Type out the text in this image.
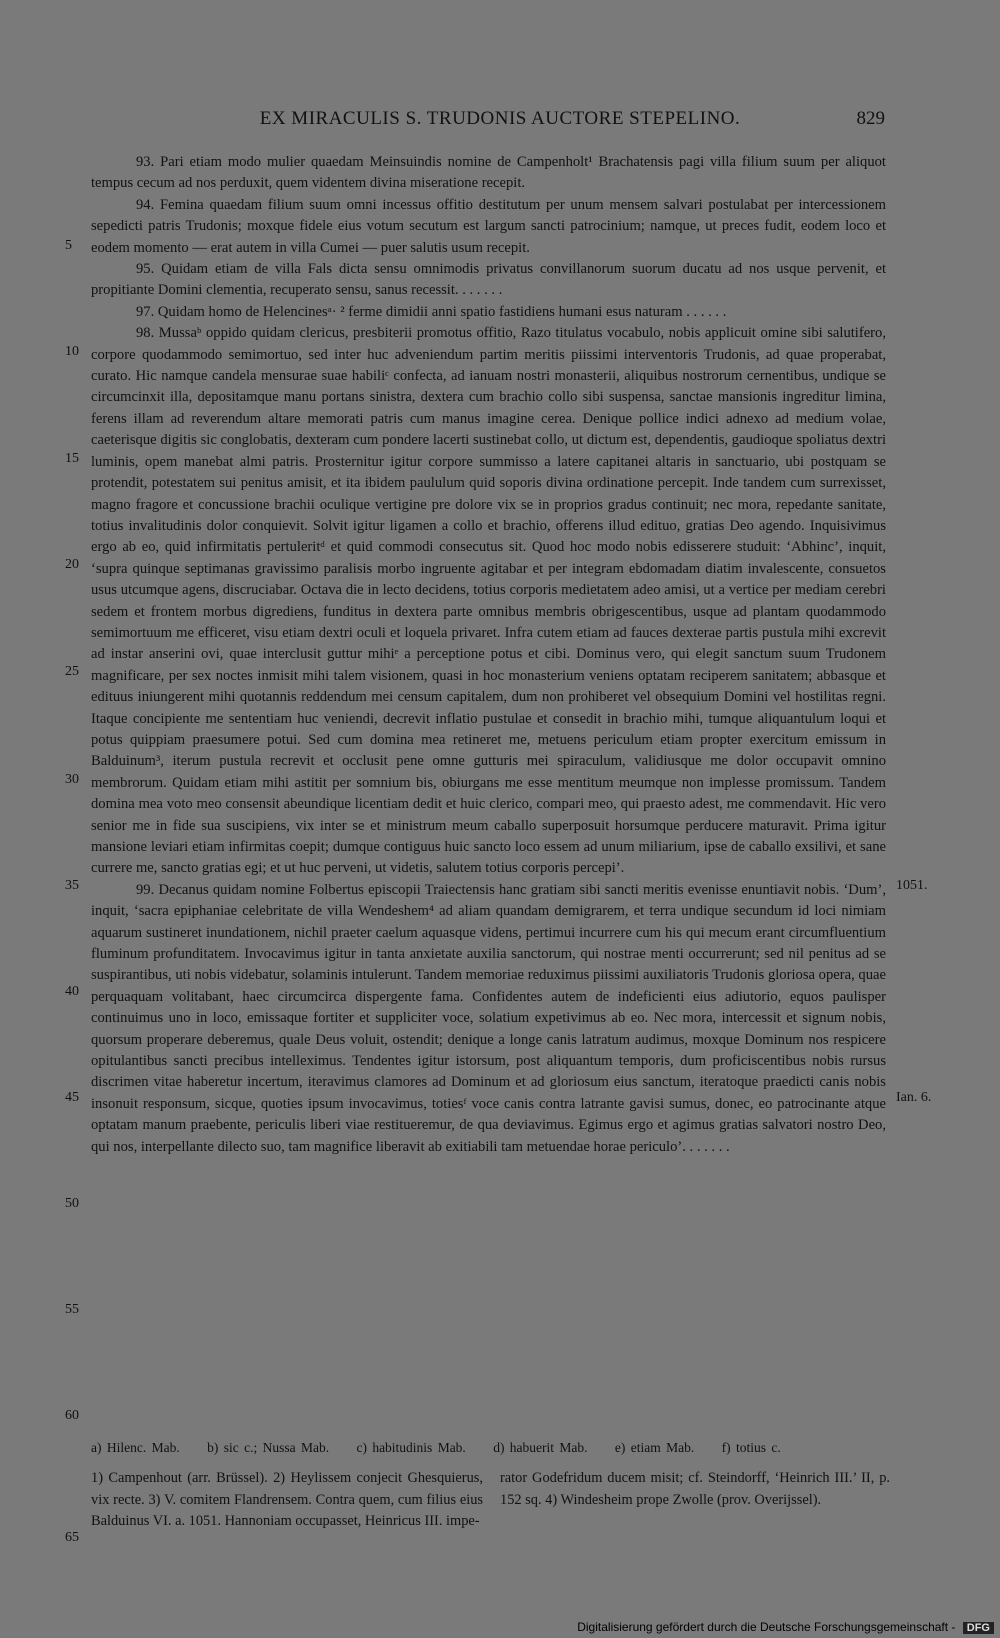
EX MIRACULIS S. TRUDONIS AUCTORE STEPELINO.	829

93. Pari etiam modo mulier quaedam Meinsuindis nomine de Campenholt¹ Brachatensis pagi villa filium suum per aliquot tempus cecum ad nos perduxit, quem videntem divina miseratione recepit.

94. Femina quaedam filium suum omni incessus offitio destitutum per unum mensem salvari postulabat per intercessionem sepedicti patris Trudonis; moxque fidele eius votum secutum est largum sancti patrocinium; namque, ut preces fudit, eodem loco et eodem momento — erat autem in villa Cumei — puer salutis usum recepit.

95. Quidam etiam de villa Fals dicta sensu omnimodis privatus convillanorum suorum ducatu ad nos usque pervenit, et propitiante Domini clementia, recuperato sensu, sanus recessit. . . . . . .

97. Quidam homo de Helencinesᵃ· ² ferme dimidii anni spatio fastidiens humani esus naturam . . . . . .

98. Mussaᵇ oppido quidam clericus, presbiterii promotus offitio, Razo titulatus vocabulo, nobis applicuit omine sibi salutifero, corpore quodammodo semimortuo, sed inter huc adveniendum partim meritis piissimi interventoris Trudonis, ad quae properabat, curato. Hic namque candela mensurae suae habiliᶜ confecta, ad ianuam nostri monasterii, aliquibus nostrorum cernentibus, undique se circumcinxit illa, depositamque manu portans sinistra, dextera cum brachio collo sibi suspensa, sanctae mansionis ingreditur limina, ferens illam ad reverendum altare memorati patris cum manus imagine cerea. Denique pollice indici adnexo ad medium volae, caeterisque digitis sic conglobatis, dexteram cum pondere lacerti sustinebat collo, ut dictum est, dependentis, gaudioque spoliatus dextri luminis, opem manebat almi patris. Prosternitur igitur corpore summisso a latere capitanei altaris in sanctuario, ubi postquam se protendit, potestatem sui penitus amisit, et ita ibidem paululum quid soporis divina ordinatione percepit. Inde tandem cum surrexisset, magno fragore et concussione brachii oculique vertigine pre dolore vix se in proprios gradus continuit; nec mora, repedante sanitate, totius invalitudinis dolor conquievit. Solvit igitur ligamen a collo et brachio, offerens illud edituo, gratias Deo agendo. Inquisivimus ergo ab eo, quid infirmitatis pertuleritᵈ et quid commodi consecutus sit. Quod hoc modo nobis edisserere studuit: ‘Abhinc’, inquit, ‘supra quinque septimanas gravissimo paralisis morbo ingruente agitabar et per integram ebdomadam diatim invalescente, consuetos usus utcumque agens, discruciabar. Octava die in lecto decidens, totius corporis medietatem adeo amisi, ut a vertice per mediam cerebri sedem et frontem morbus digrediens, funditus in dextera parte omnibus membris obrigescentibus, usque ad plantam quodammodo semimortuum me efficeret, visu etiam dextri oculi et loquela privaret. Infra cutem etiam ad fauces dexterae partis pustula mihi excrevit ad instar anserini ovi, quae interclusit guttur mihiᵉ a perceptione potus et cibi. Dominus vero, qui elegit sanctum suum Trudonem magnificare, per sex noctes inmisit mihi talem visionem, quasi in hoc monasterium veniens optatam reciperem sanitatem; abbasque et edituus iniungerent mihi quotannis reddendum mei censum capitalem, dum non prohiberet vel obsequium Domini vel hostilitas regni. Itaque concipiente me sententiam huc veniendi, decrevit inflatio pustulae et consedit in brachio mihi, tumque aliquantulum loqui et potus quippiam praesumere potui. Sed cum domina mea retineret me, metuens periculum etiam propter exercitum emissum in Balduinum³, iterum pustula recrevit et occlusit pene omne gutturis mei spiraculum, validiusque me dolor occupavit omnino membrorum. Quidam etiam mihi astitit per somnium bis, obiurgans me esse mentitum meumque non implesse promissum. Tandem domina mea voto meo consensit abeundique licentiam dedit et huic clerico, compari meo, qui praesto adest, me commendavit. Hic vero senior me in fide sua suscipiens, vix inter se et ministrum meum caballo superposuit horsumque perducere maturavit. Prima igitur mansione leviari etiam infirmitas coepit; dumque contiguus huic sancto loco essem ad unum miliarium, ipse de caballo exsilivi, et sane currere me, sancto gratias egi; et ut huc perveni, ut videtis, salutem totius corporis percepi’.

99. Decanus quidam nomine Folbertus episcopii Traiectensis hanc gratiam sibi sancti meritis evenisse enuntiavit nobis. ‘Dum’, inquit, ‘sacra epiphaniae celebritate de villa Wendeshem⁴ ad aliam quandam demigrarem, et terra undique secundum id loci nimiam aquarum sustineret inundationem, nichil praeter caelum aquasque videns, pertimui incurrere cum his qui mecum erant circumfluentium fluminum profunditatem. Invocavimus igitur in tanta anxietate auxilia sanctorum, qui nostrae menti occurrerunt; sed nil penitus ad se suspirantibus, uti nobis videbatur, solaminis intulerunt. Tandem memoriae reduximus piissimi auxiliatoris Trudonis gloriosa opera, quae perquaquam volitabant, haec circumcirca dispergente fama. Confidentes autem de indeficienti eius adiutorio, equos paulisper continuimus uno in loco, emissaque fortiter et suppliciter voce, solatium expetivimus ab eo. Nec mora, intercessit et signum nobis, quorsum properare deberemus, quale Deus voluit, ostendit; denique a longe canis latratum audimus, moxque Dominum nos respicere opitulantibus sancti precibus intelleximus. Tendentes igitur istorsum, post aliquantum temporis, dum proficiscentibus nobis rursus discrimen vitae haberetur incertum, iteravimus clamores ad Dominum et ad gloriosum eius sanctum, iteratoque praedicti canis nobis insonuit responsum, sicque, quoties ipsum invocavimus, totiesᶠ voce canis contra latrante gavisi sumus, donec, eo patrocinante atque optatam manum praebente, periculis liberi viae restitueremur, de qua deviavimus. Egimus ergo et agimus gratias salvatori nostro Deo, qui nos, interpellante dilecto suo, tam magnifice liberavit ab exitiabili tam metuendae horae periculo’. . . . . . .

5
10
15
20
25
30
35
40
45
50
55
60
65
1051.
Ian. 6.
a) Hilenc. Mab. b) sic c.; Nussa Mab. c) habitudinis Mab. d) habuerit Mab. e) etiam Mab. f) totius c.
1) Campenhout (arr. Brüssel). 2) Heylissem conjecit Ghesquierus, vix recte. 3) V. comitem Flandrensem. Contra quem, cum filius eius Balduinus VI. a. 1051. Hannoniam occupasset, Heinricus III. impe-
rator Godefridum ducem misit; cf. Steindorff, ‘Heinrich III.’ II, p. 152 sq. 4) Windesheim prope Zwolle (prov. Overijssel).
Digitalisierung gefördert durch die Deutsche Forschungsgemeinschaft - DFG
